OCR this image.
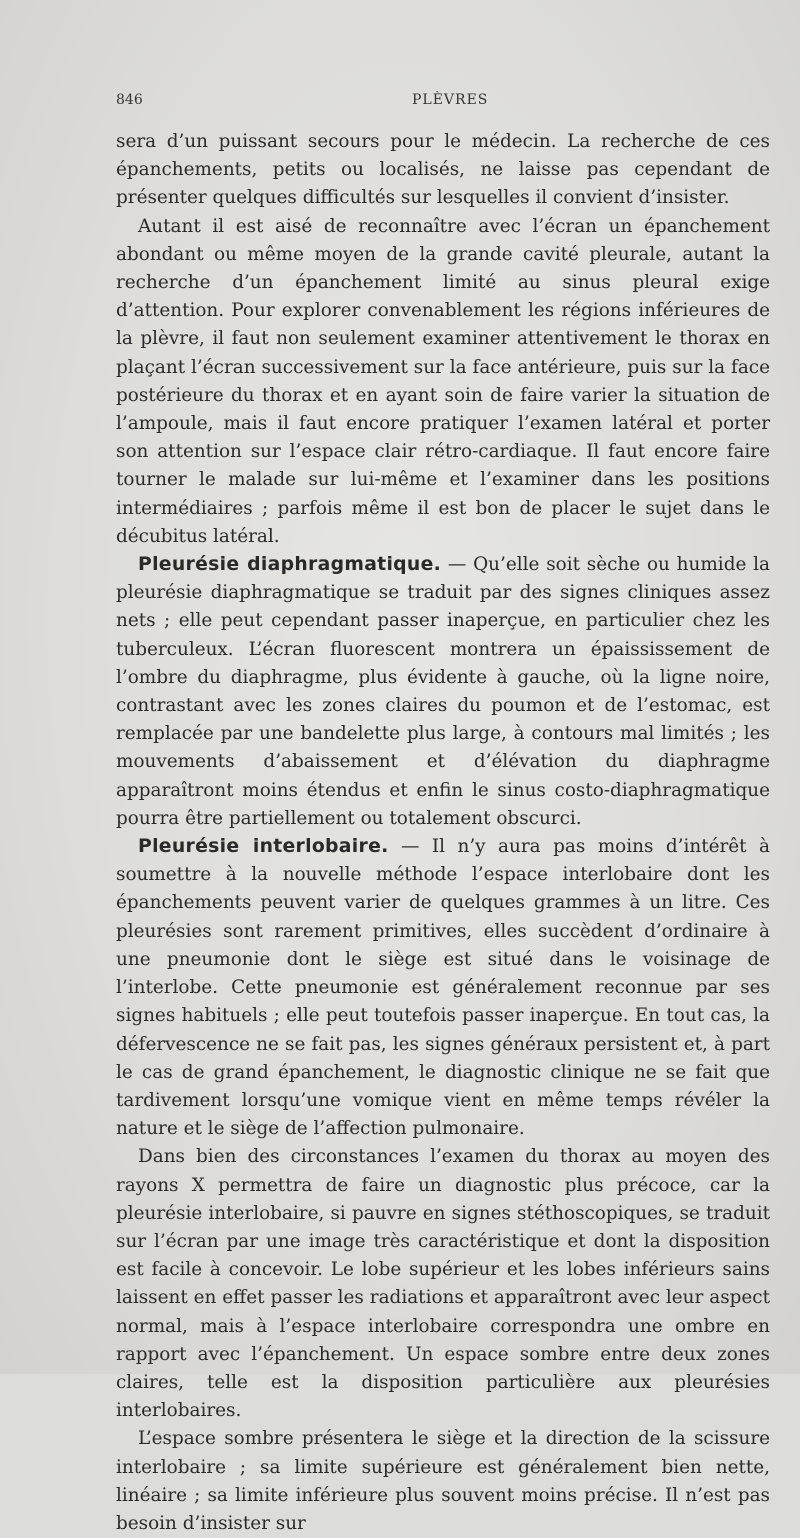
846	PLÈVRES

sera d’un puissant secours pour le médecin. La recherche de ces épanchements, petits ou localisés, ne laisse pas cependant de présenter quelques difficultés sur lesquelles il convient d’insister.

Autant il est aisé de reconnaître avec l’écran un épanchement abondant ou même moyen de la grande cavité pleurale, autant la recherche d’un épanchement limité au sinus pleural exige d’attention. Pour explorer convenablement les régions inférieures de la plèvre, il faut non seulement examiner attentivement le thorax en plaçant l’écran successivement sur la face antérieure, puis sur la face postérieure du thorax et en ayant soin de faire varier la situation de l’ampoule, mais il faut encore pratiquer l’examen latéral et porter son attention sur l’espace clair rétro-cardiaque. Il faut encore faire tourner le malade sur lui-même et l’examiner dans les positions intermédiaires ; parfois même il est bon de placer le sujet dans le décubitus latéral.

Pleurésie diaphragmatique. — Qu’elle soit sèche ou humide la pleurésie diaphragmatique se traduit par des signes cliniques assez nets ; elle peut cependant passer inaperçue, en particulier chez les tuberculeux. L’écran fluorescent montrera un épaississement de l’ombre du diaphragme, plus évidente à gauche, où la ligne noire, contrastant avec les zones claires du poumon et de l’estomac, est remplacée par une bandelette plus large, à contours mal limités ; les mouvements d’abaissement et d’élévation du diaphragme apparaîtront moins étendus et enfin le sinus costo-diaphragmatique pourra être partiellement ou totalement obscurci.

Pleurésie interlobaire. — Il n’y aura pas moins d’intérêt à soumettre à la nouvelle méthode l’espace interlobaire dont les épanchements peuvent varier de quelques grammes à un litre. Ces pleurésies sont rarement primitives, elles succèdent d’ordinaire à une pneumonie dont le siège est situé dans le voisinage de l’interlobe. Cette pneumonie est généralement reconnue par ses signes habituels ; elle peut toutefois passer inaperçue. En tout cas, la défervescence ne se fait pas, les signes généraux persistent et, à part le cas de grand épanchement, le diagnostic clinique ne se fait que tardivement lorsqu’une vomique vient en même temps révéler la nature et le siège de l’affection pulmonaire.

Dans bien des circonstances l’examen du thorax au moyen des rayons X permettra de faire un diagnostic plus précoce, car la pleurésie interlobaire, si pauvre en signes stéthoscopiques, se traduit sur l’écran par une image très caractéristique et dont la disposition est facile à concevoir. Le lobe supérieur et les lobes inférieurs sains laissent en effet passer les radiations et apparaîtront avec leur aspect normal, mais à l’espace interlobaire correspondra une ombre en rapport avec l’épanchement. Un espace sombre entre deux zones claires, telle est la disposition particulière aux pleurésies interlobaires.

L’espace sombre présentera le siège et la direction de la scissure interlobaire ; sa limite supérieure est généralement bien nette, linéaire ; sa limite inférieure plus souvent moins précise. Il n’est pas besoin d’insister sur
